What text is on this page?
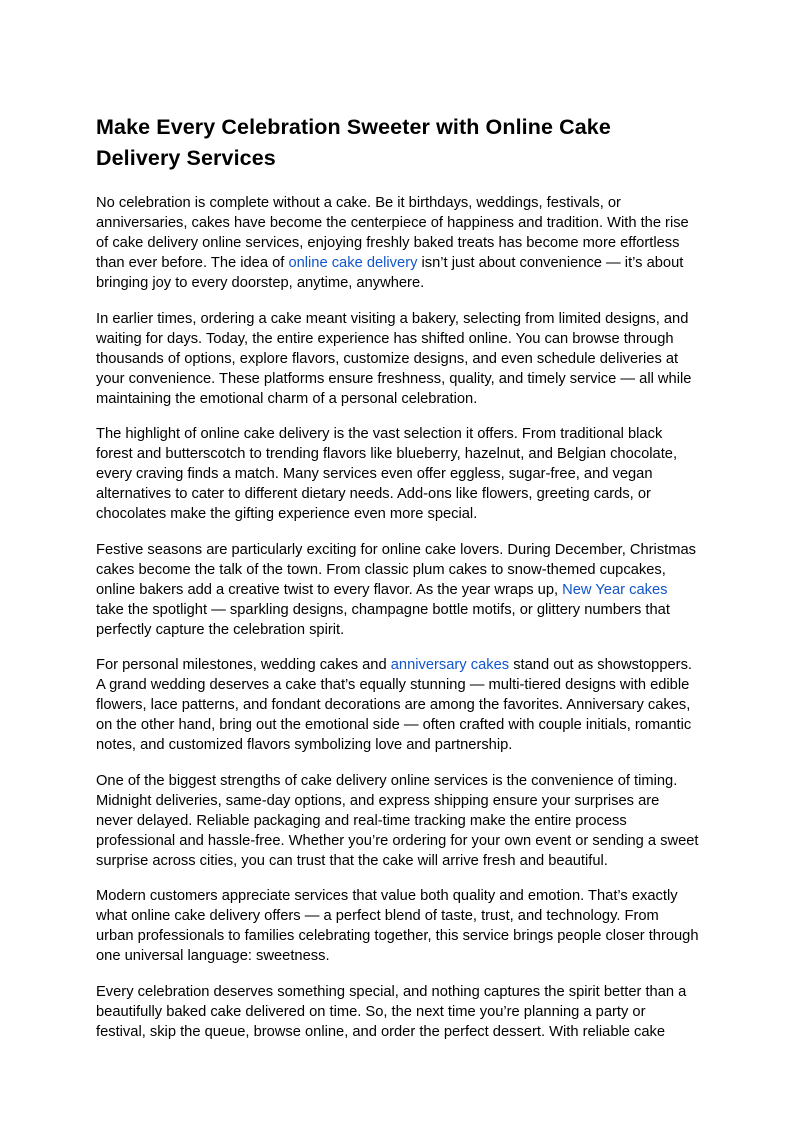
Make Every Celebration Sweeter with Online Cake Delivery Services

No celebration is complete without a cake. Be it birthdays, weddings, festivals, or anniversaries, cakes have become the centerpiece of happiness and tradition. With the rise of cake delivery online services, enjoying freshly baked treats has become more effortless than ever before. The idea of online cake delivery isn’t just about convenience — it’s about bringing joy to every doorstep, anytime, anywhere.

In earlier times, ordering a cake meant visiting a bakery, selecting from limited designs, and waiting for days. Today, the entire experience has shifted online. You can browse through thousands of options, explore flavors, customize designs, and even schedule deliveries at your convenience. These platforms ensure freshness, quality, and timely service — all while maintaining the emotional charm of a personal celebration.

The highlight of online cake delivery is the vast selection it offers. From traditional black forest and butterscotch to trending flavors like blueberry, hazelnut, and Belgian chocolate, every craving finds a match. Many services even offer eggless, sugar-free, and vegan alternatives to cater to different dietary needs. Add-ons like flowers, greeting cards, or chocolates make the gifting experience even more special.

Festive seasons are particularly exciting for online cake lovers. During December, Christmas cakes become the talk of the town. From classic plum cakes to snow-themed cupcakes, online bakers add a creative twist to every flavor. As the year wraps up, New Year cakes take the spotlight — sparkling designs, champagne bottle motifs, or glittery numbers that perfectly capture the celebration spirit.

For personal milestones, wedding cakes and anniversary cakes stand out as showstoppers. A grand wedding deserves a cake that’s equally stunning — multi-tiered designs with edible flowers, lace patterns, and fondant decorations are among the favorites. Anniversary cakes, on the other hand, bring out the emotional side — often crafted with couple initials, romantic notes, and customized flavors symbolizing love and partnership.

One of the biggest strengths of cake delivery online services is the convenience of timing. Midnight deliveries, same-day options, and express shipping ensure your surprises are never delayed. Reliable packaging and real-time tracking make the entire process professional and hassle-free. Whether you’re ordering for your own event or sending a sweet surprise across cities, you can trust that the cake will arrive fresh and beautiful.

Modern customers appreciate services that value both quality and emotion. That’s exactly what online cake delivery offers — a perfect blend of taste, trust, and technology. From urban professionals to families celebrating together, this service brings people closer through one universal language: sweetness.

Every celebration deserves something special, and nothing captures the spirit better than a beautifully baked cake delivered on time. So, the next time you’re planning a party or festival, skip the queue, browse online, and order the perfect dessert. With reliable cake
